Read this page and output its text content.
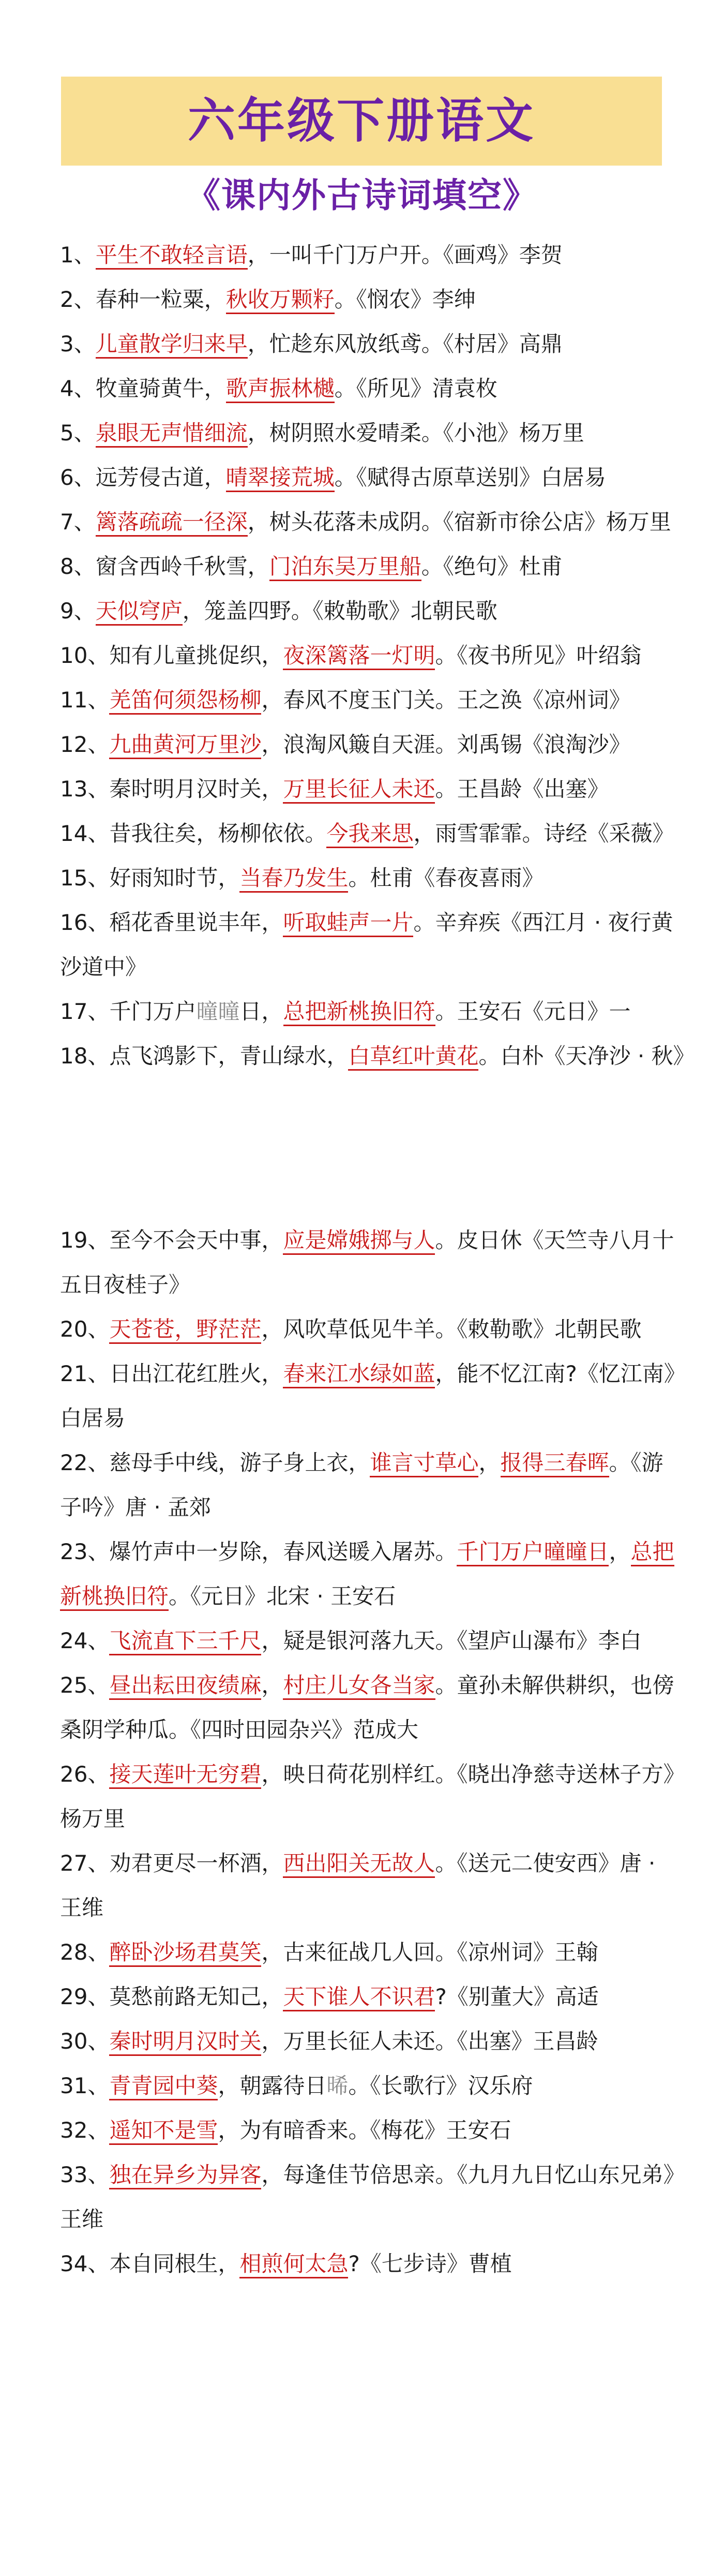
六年级下册语文
《课内外古诗词填空》
1、平生不敢轻言语，一叫千门万户开。《画鸡》李贺
2、春种一粒粟，秋收万颗籽。《悯农》李绅
3、儿童散学归来早，忙趁东风放纸鸢。《村居》高鼎
4、牧童骑黄牛，歌声振林樾。《所见》清袁枚
5、泉眼无声惜细流，树阴照水爱晴柔。《小池》杨万里
6、远芳侵古道，晴翠接荒城。《赋得古原草送别》白居易
7、篱落疏疏一径深，树头花落未成阴。《宿新市徐公店》杨万里
8、窗含西岭千秋雪，门泊东吴万里船。《绝句》杜甫
9、天似穹庐，笼盖四野。《敕勒歌》北朝民歌
10、知有儿童挑促织，夜深篱落一灯明。《夜书所见》叶绍翁
11、羌笛何须怨杨柳，春风不度玉门关。王之涣《凉州词》
12、九曲黄河万里沙，浪淘风簸自天涯。刘禹锡《浪淘沙》
13、秦时明月汉时关，万里长征人未还。王昌龄《出塞》
14、昔我往矣，杨柳依依。今我来思，雨雪霏霏。诗经《采薇》
15、好雨知时节，当春乃发生。杜甫《春夜喜雨》
16、稻花香里说丰年，听取蛙声一片。辛弃疾《西江月 · 夜行黄沙道中》
17、千门万户曈曈日，总把新桃换旧符。王安石《元日》一
18、点飞鸿影下，青山绿水，白草红叶黄花。白朴《天净沙 · 秋》
19、至今不会天中事，应是嫦娥掷与人。皮日休《天竺寺八月十五日夜桂子》
20、天苍苍，野茫茫，风吹草低见牛羊。《敕勒歌》北朝民歌
21、日出江花红胜火，春来江水绿如蓝，能不忆江南?《忆江南》白居易
22、慈母手中线，游子身上衣，谁言寸草心，报得三春晖。《游子吟》唐 · 孟郊
23、爆竹声中一岁除，春风送暖入屠苏。千门万户曈曈日，总把新桃换旧符。《元日》北宋 · 王安石
24、飞流直下三千尺，疑是银河落九天。《望庐山瀑布》李白
25、昼出耘田夜绩麻，村庄儿女各当家。童孙未解供耕织，也傍桑阴学种瓜。《四时田园杂兴》范成大
26、接天莲叶无穷碧，映日荷花别样红。《晓出净慈寺送林子方》杨万里
27、劝君更尽一杯酒，西出阳关无故人。《送元二使安西》唐 · 王维
28、醉卧沙场君莫笑，古来征战几人回。《凉州词》王翰
29、莫愁前路无知己，天下谁人不识君?《别董大》高适
30、秦时明月汉时关，万里长征人未还。《出塞》王昌龄
31、青青园中葵，朝露待日晞。《长歌行》汉乐府
32、遥知不是雪，为有暗香来。《梅花》王安石
33、独在异乡为异客，每逢佳节倍思亲。《九月九日忆山东兄弟》王维
34、本自同根生，相煎何太急?《七步诗》曹植
